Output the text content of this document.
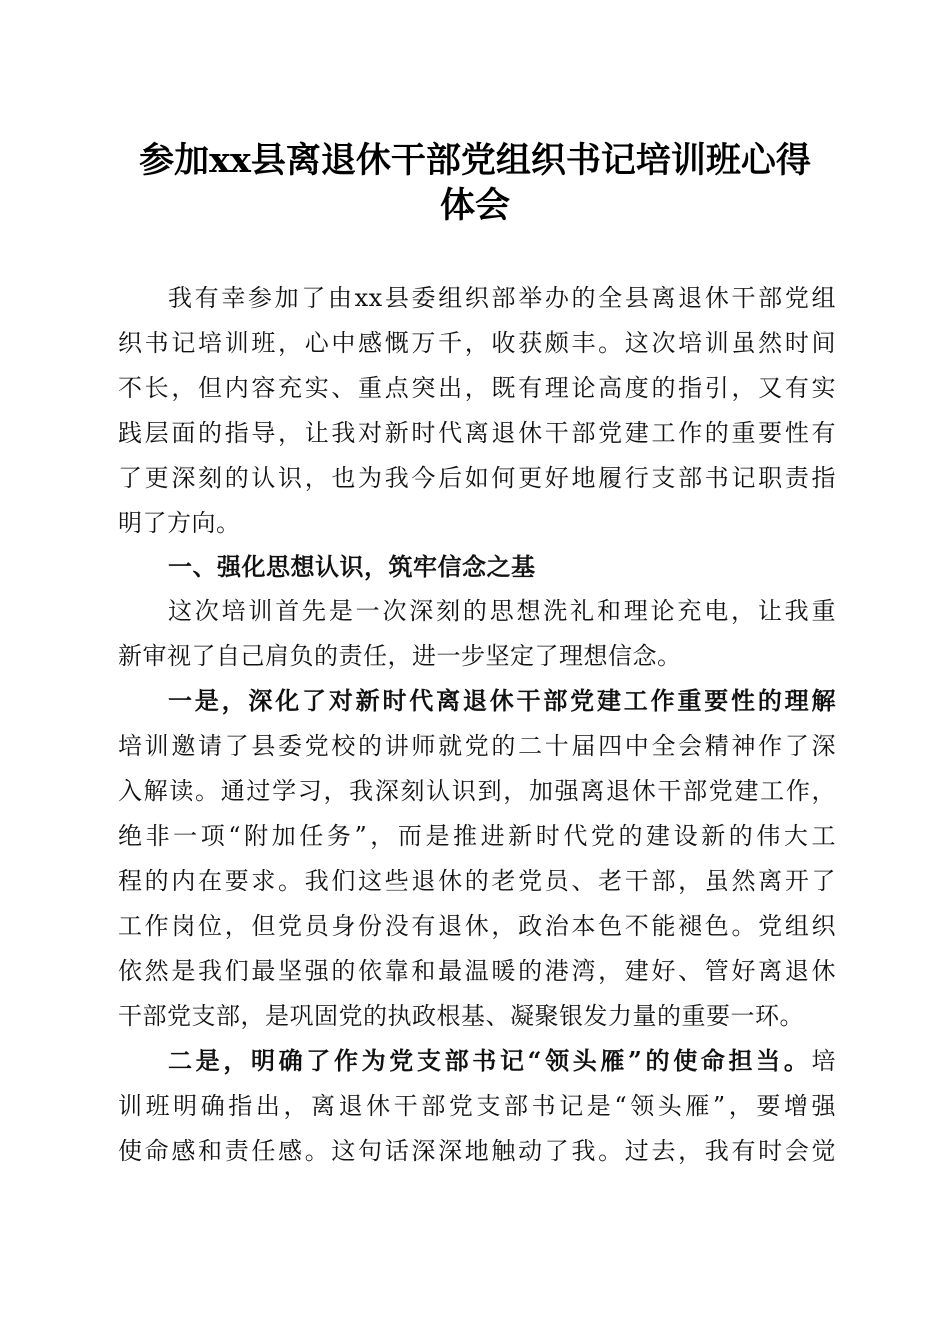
参加xx县离退休干部党组织书记培训班心得
体会
我有幸参加了由xx县委组织部举办的全县离退休干部党组
织书记培训班，心中感慨万千，收获颇丰。这次培训虽然时间
不长，但内容充实、重点突出，既有理论高度的指引，又有实
践层面的指导，让我对新时代离退休干部党建工作的重要性有
了更深刻的认识，也为我今后如何更好地履行支部书记职责指
明了方向。
一、强化思想认识，筑牢信念之基
这次培训首先是一次深刻的思想洗礼和理论充电，让我重
新审视了自己肩负的责任，进一步坚定了理想信念。
一是，深化了对新时代离退休干部党建工作重要性的理解
培训邀请了县委党校的讲师就党的二十届四中全会精神作了深
入解读。通过学习，我深刻认识到，加强离退休干部党建工作，
绝非一项“附加任务”，而是推进新时代党的建设新的伟大工
程的内在要求。我们这些退休的老党员、老干部，虽然离开了
工作岗位，但党员身份没有退休，政治本色不能褪色。党组织
依然是我们最坚强的依靠和最温暖的港湾，建好、管好离退休
干部党支部，是巩固党的执政根基、凝聚银发力量的重要一环。
二是，明确了作为党支部书记“领头雁”的使命担当。培
训班明确指出，离退休干部党支部书记是“领头雁”，要增强
使命感和责任感。这句话深深地触动了我。过去，我有时会觉
